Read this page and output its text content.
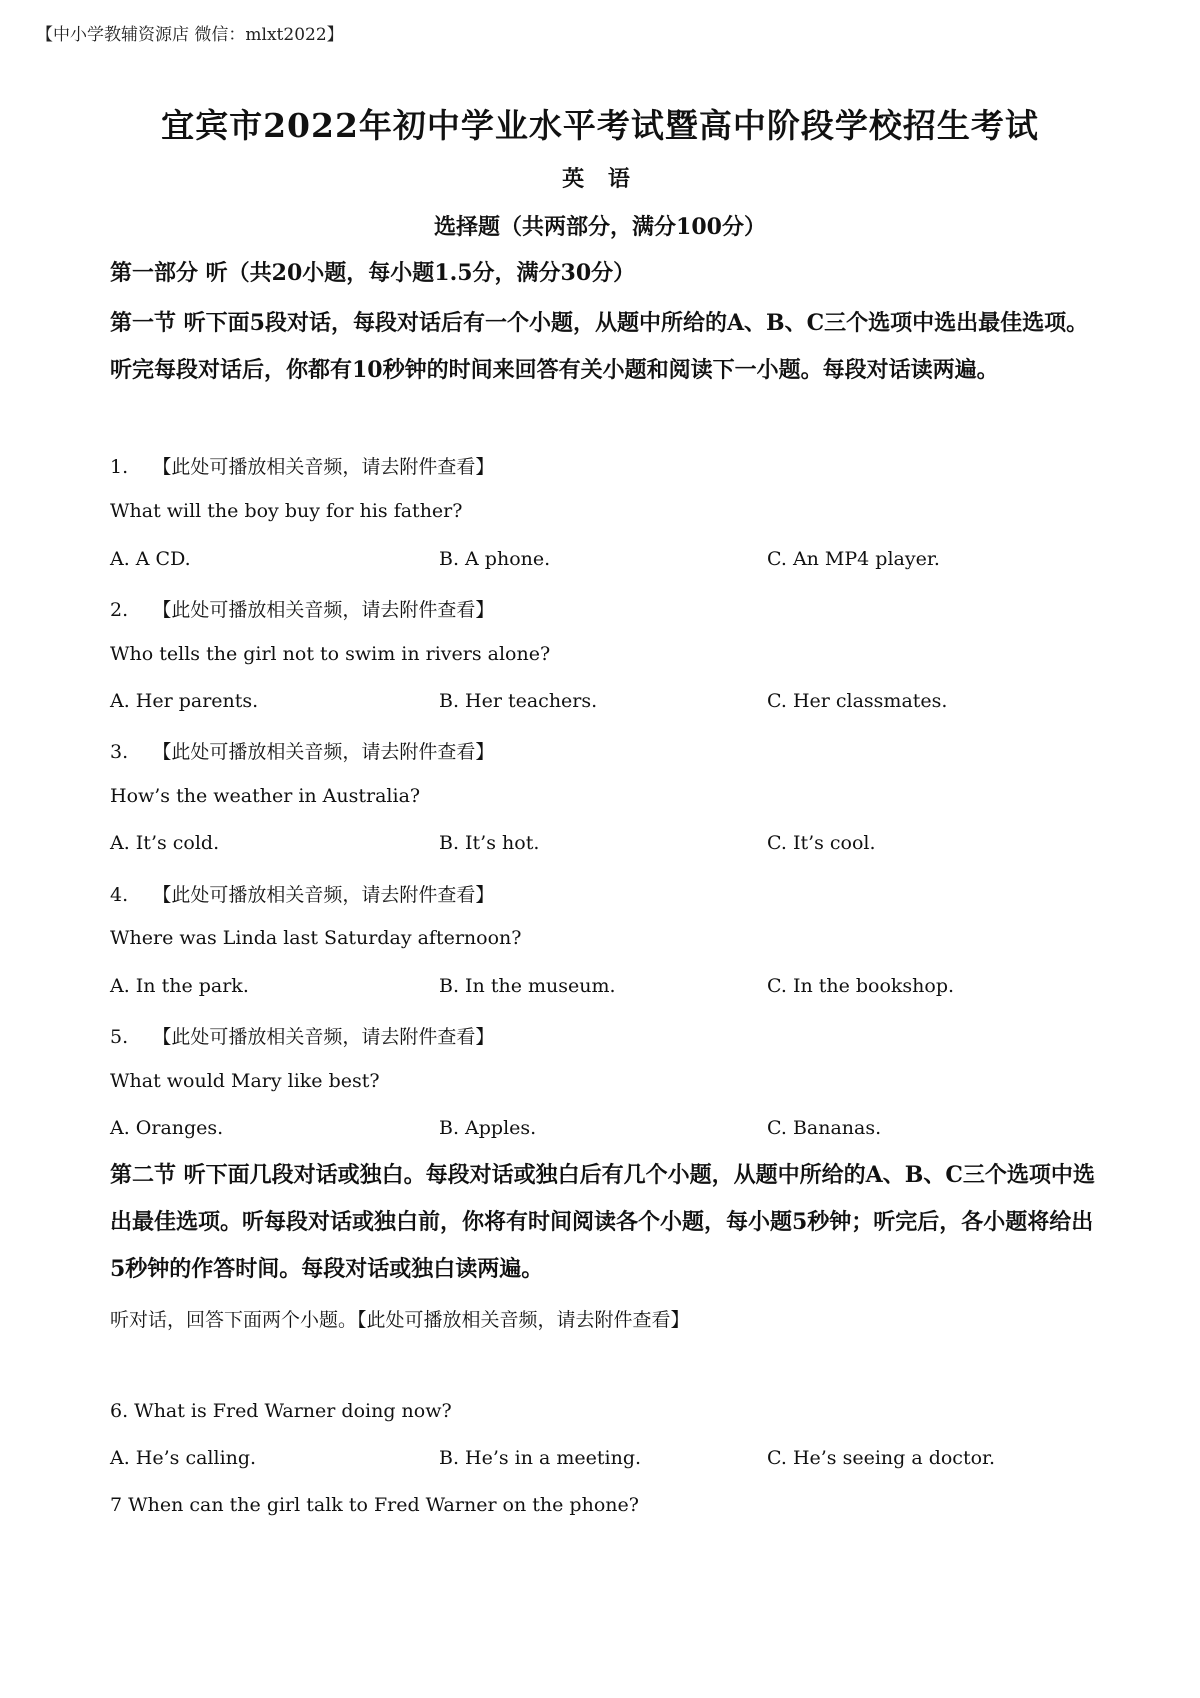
【中小学教辅资源店 微信：mlxt2022】
宜宾市2022年初中学业水平考试暨高中阶段学校招生考试
英 语
选择题（共两部分，满分100分）
第一部分 听（共20小题，每小题1.5分，满分30分）

第一节 听下面5段对话，每段对话后有一个小题，从题中所给的A、B、C三个选项中选出最佳选项。听完每段对话后，你都有10秒钟的时间来回答有关小题和阅读下一小题。每段对话读两遍。

1. 【此处可播放相关音频，请去附件查看】
What will the boy buy for his father?
A. A CD.	B. A phone.	C. An MP4 player.
2. 【此处可播放相关音频，请去附件查看】
Who tells the girl not to swim in rivers alone?
A. Her parents.	B. Her teachers.	C. Her classmates.
3. 【此处可播放相关音频，请去附件查看】
How’s the weather in Australia?
A. It’s cold.	B. It’s hot.	C. It’s cool.
4. 【此处可播放相关音频，请去附件查看】
Where was Linda last Saturday afternoon?
A. In the park.	B. In the museum.	C. In the bookshop.
5. 【此处可播放相关音频，请去附件查看】
What would Mary like best?
A. Oranges.	B. Apples.	C. Bananas.

第二节 听下面几段对话或独白。每段对话或独白后有几个小题，从题中所给的A、B、C三个选项中选出最佳选项。听每段对话或独白前，你将有时间阅读各个小题，每小题5秒钟；听完后，各小题将给出5秒钟的作答时间。每段对话或独白读两遍。

听对话，回答下面两个小题。【此处可播放相关音频，请去附件查看】
6. What is Fred Warner doing now?
A. He’s calling.	B. He’s in a meeting.	C. He’s seeing a doctor.
7 When can the girl talk to Fred Warner on the phone?
